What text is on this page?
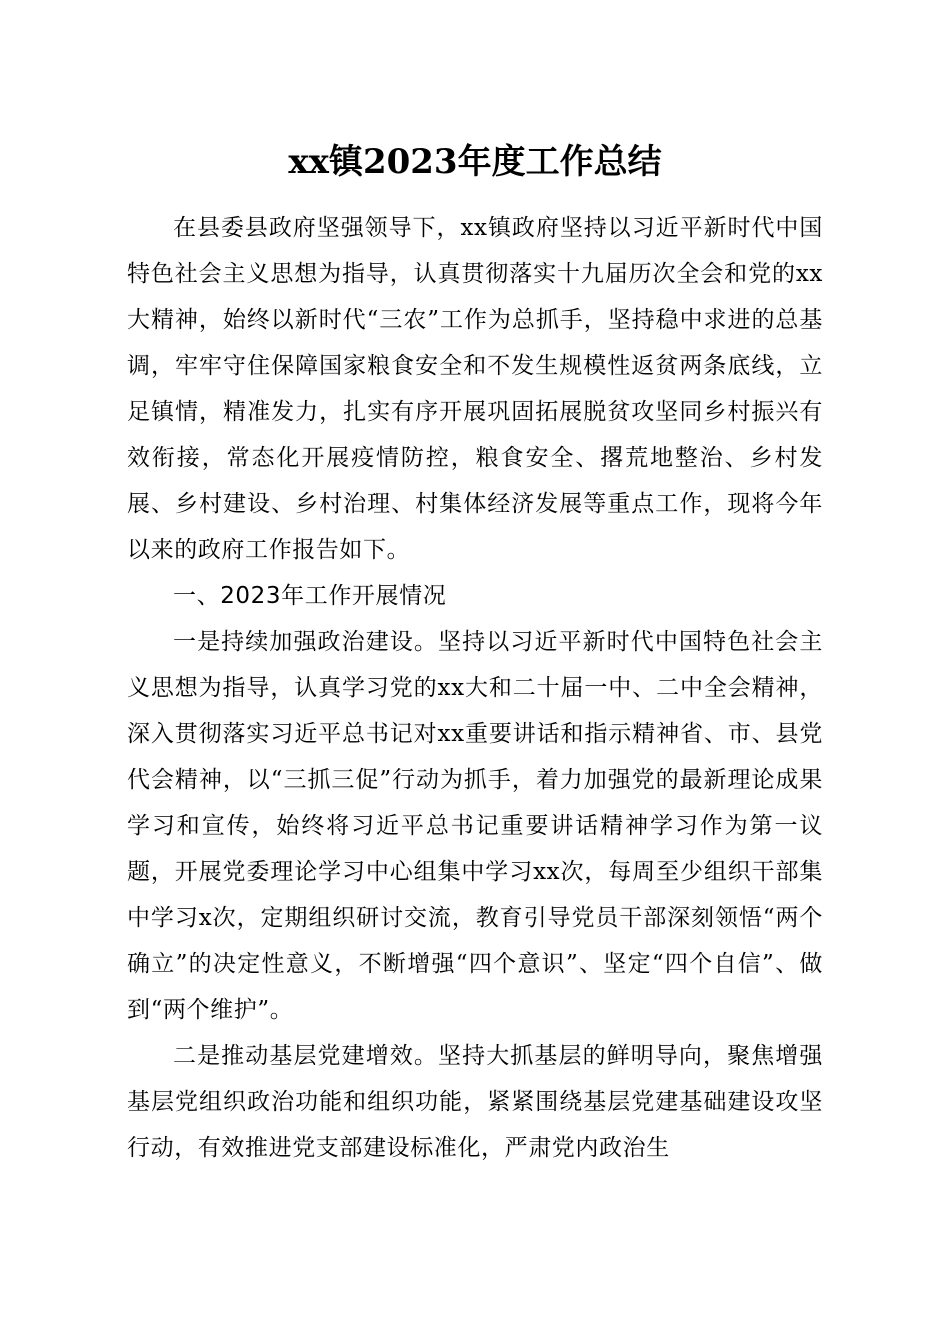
xx镇2023年度工作总结

在县委县政府坚强领导下，xx镇政府坚持以习近平新时代中国特色社会主义思想为指导，认真贯彻落实十九届历次全会和党的xx大精神，始终以新时代“三农”工作为总抓手，坚持稳中求进的总基调，牢牢守住保障国家粮食安全和不发生规模性返贫两条底线，立足镇情，精准发力，扎实有序开展巩固拓展脱贫攻坚同乡村振兴有效衔接，常态化开展疫情防控，粮食安全、撂荒地整治、乡村发展、乡村建设、乡村治理、村集体经济发展等重点工作，现将今年以来的政府工作报告如下。

一、2023年工作开展情况

一是持续加强政治建设。坚持以习近平新时代中国特色社会主义思想为指导，认真学习党的xx大和二十届一中、二中全会精神，深入贯彻落实习近平总书记对xx重要讲话和指示精神省、市、县党代会精神，以“三抓三促”行动为抓手，着力加强党的最新理论成果学习和宣传，始终将习近平总书记重要讲话精神学习作为第一议题，开展党委理论学习中心组集中学习xx次，每周至少组织干部集中学习x次，定期组织研讨交流，教育引导党员干部深刻领悟“两个确立”的决定性意义，不断增强“四个意识”、坚定“四个自信”、做到“两个维护”。

二是推动基层党建增效。坚持大抓基层的鲜明导向，聚焦增强基层党组织政治功能和组织功能，紧紧围绕基层党建基础建设攻坚行动，有效推进党支部建设标准化，严肃党内政治生
